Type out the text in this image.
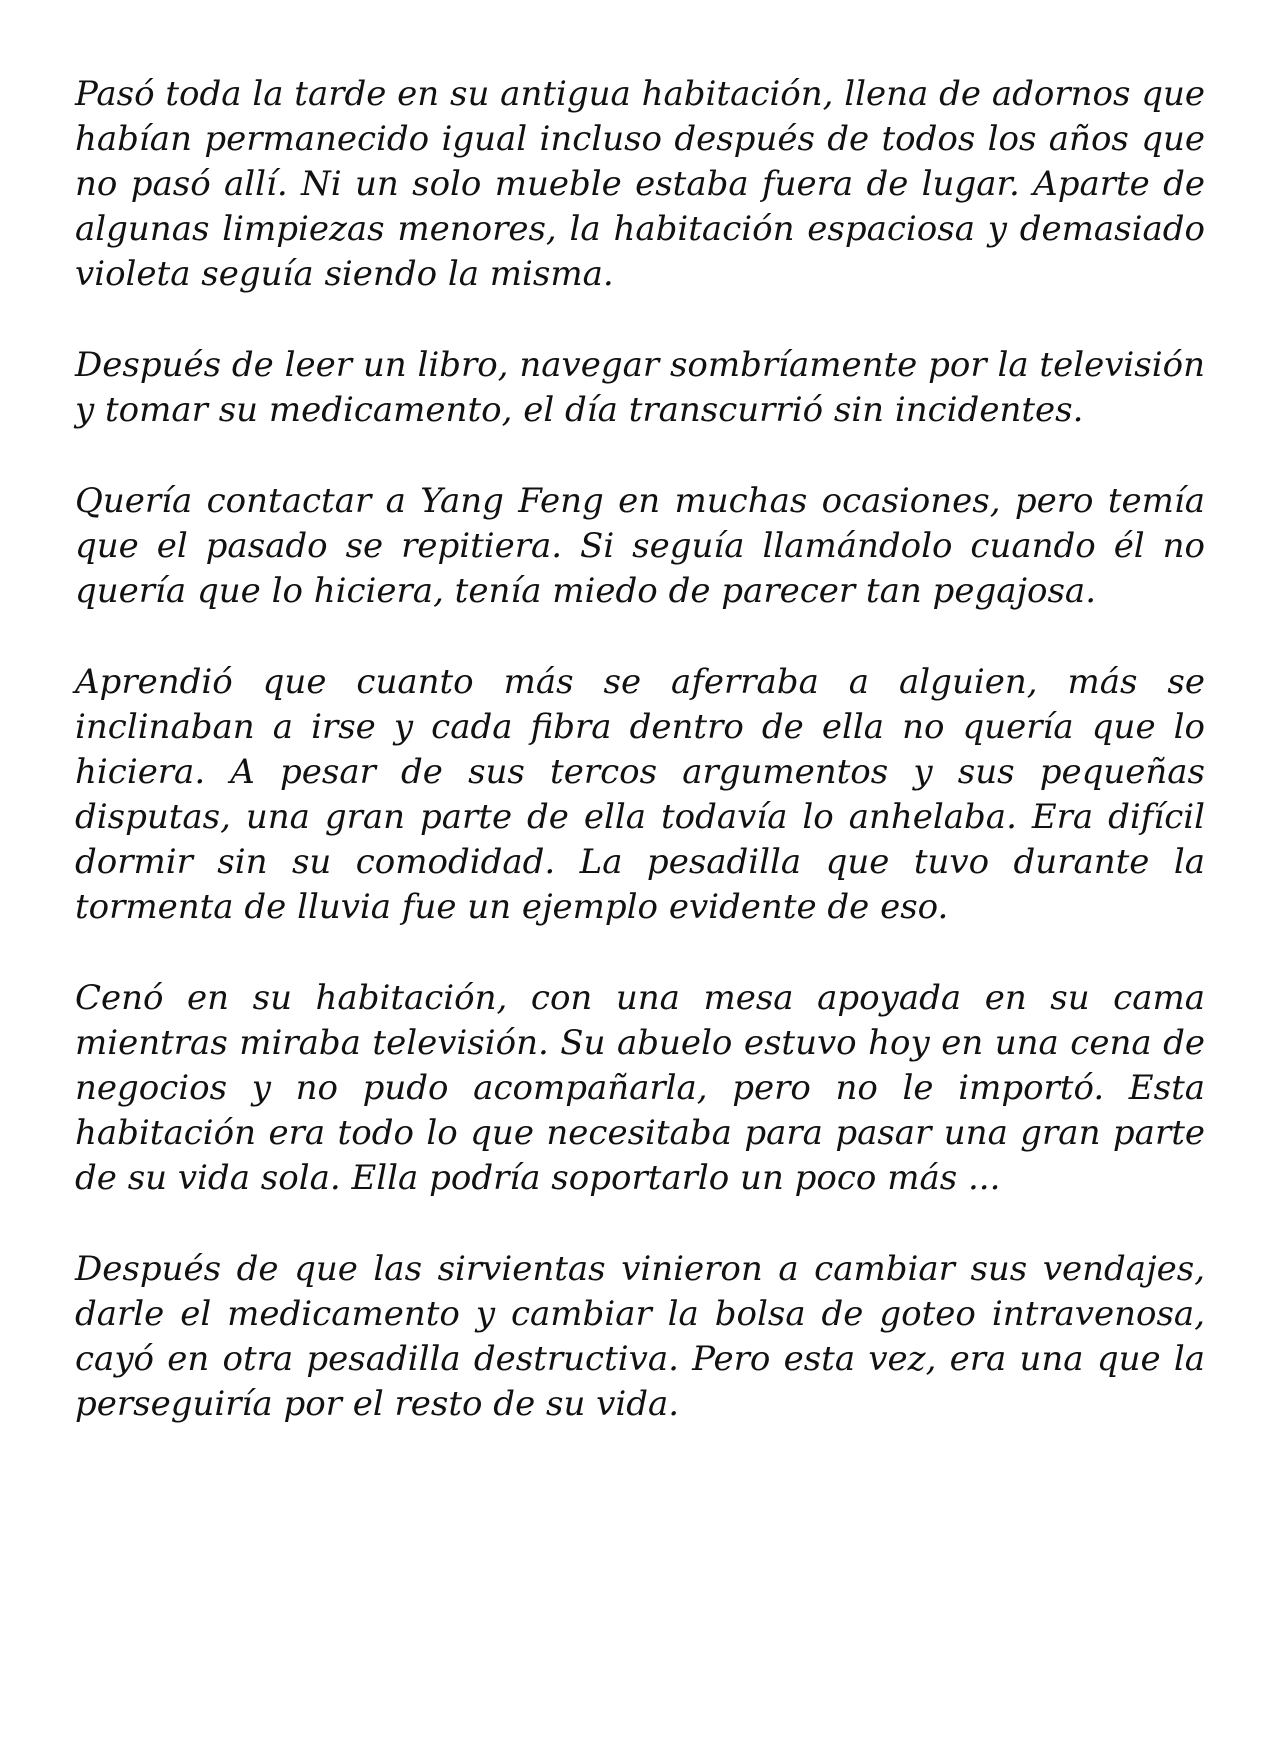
Pasó toda la tarde en su antigua habitación, llena de adornos que habían permanecido igual incluso después de todos los años que no pasó allí. Ni un solo mueble estaba fuera de lugar. Aparte de algunas limpiezas menores, la habitación espaciosa y demasiado violeta seguía siendo la misma.

Después de leer un libro, navegar sombríamente por la televisión y tomar su medicamento, el día transcurrió sin incidentes.

Quería contactar a Yang Feng en muchas ocasiones, pero temía que el pasado se repitiera. Si seguía llamándolo cuando él no quería que lo hiciera, tenía miedo de parecer tan pegajosa.

Aprendió que cuanto más se aferraba a alguien, más se inclinaban a irse y cada fibra dentro de ella no quería que lo hiciera. A pesar de sus tercos argumentos y sus pequeñas disputas, una gran parte de ella todavía lo anhelaba. Era difícil dormir sin su comodidad. La pesadilla que tuvo durante la tormenta de lluvia fue un ejemplo evidente de eso.

Cenó en su habitación, con una mesa apoyada en su cama mientras miraba televisión. Su abuelo estuvo hoy en una cena de negocios y no pudo acompañarla, pero no le importó. Esta habitación era todo lo que necesitaba para pasar una gran parte de su vida sola. Ella podría soportarlo un poco más ...

Después de que las sirvientas vinieron a cambiar sus vendajes, darle el medicamento y cambiar la bolsa de goteo intravenosa, cayó en otra pesadilla destructiva. Pero esta vez, era una que la perseguiría por el resto de su vida.
